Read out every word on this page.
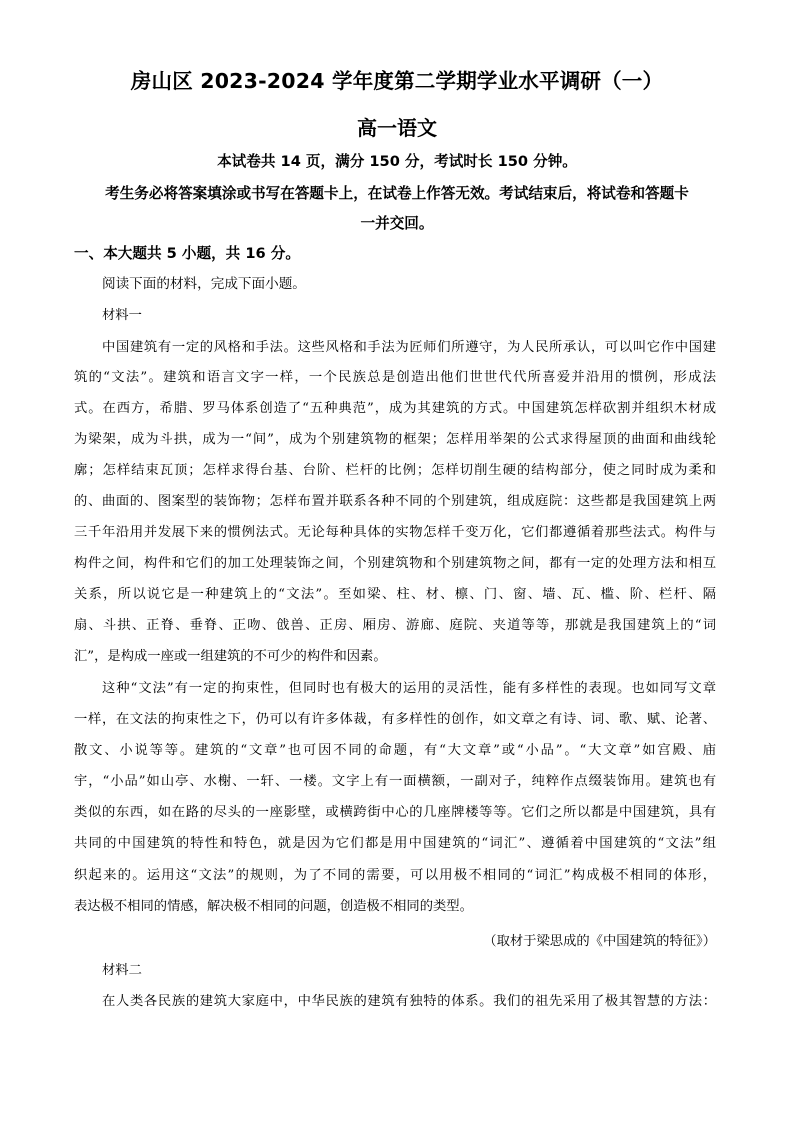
房山区 2023-2024 学年度第二学期学业水平调研（一）
高一语文
本试卷共 14 页，满分 150 分，考试时长 150 分钟。
考生务必将答案填涂或书写在答题卡上，在试卷上作答无效。考试结束后，将试卷和答题卡
一并交回。
一、本大题共 5 小题，共 16 分。
阅读下面的材料，完成下面小题。
材料一
中国建筑有一定的风格和手法。这些风格和手法为匠师们所遵守，为人民所承认，可以叫它作中国建
筑的“文法”。建筑和语言文字一样，一个民族总是创造出他们世世代代所喜爱并沿用的惯例，形成法
式。在西方，希腊、罗马体系创造了“五种典范”，成为其建筑的方式。中国建筑怎样砍割并组织木材成
为梁架，成为斗拱，成为一“间”，成为个别建筑物的框架；怎样用举架的公式求得屋顶的曲面和曲线轮
廓；怎样结束瓦顶；怎样求得台基、台阶、栏杆的比例；怎样切削生硬的结构部分，使之同时成为柔和
的、曲面的、图案型的装饰物；怎样布置并联系各种不同的个别建筑，组成庭院：这些都是我国建筑上两
三千年沿用并发展下来的惯例法式。无论每种具体的实物怎样千变万化，它们都遵循着那些法式。构件与
构件之间，构件和它们的加工处理装饰之间，个别建筑物和个别建筑物之间，都有一定的处理方法和相互
关系，所以说它是一种建筑上的“文法”。至如梁、柱、材、檩、门、窗、墙、瓦、槛、阶、栏杆、隔
扇、斗拱、正脊、垂脊、正吻、戗兽、正房、厢房、游廊、庭院、夹道等等，那就是我国建筑上的“词
汇”，是构成一座或一组建筑的不可少的构件和因素。
这种“文法”有一定的拘束性，但同时也有极大的运用的灵活性，能有多样性的表现。也如同写文章
一样，在文法的拘束性之下，仍可以有许多体裁，有多样性的创作，如文章之有诗、词、歌、赋、论著、
散文、小说等等。建筑的“文章”也可因不同的命题，有“大文章”或“小品”。“大文章”如宫殿、庙
宇，“小品”如山亭、水榭、一轩、一楼。文字上有一面横额，一副对子，纯粹作点缀装饰用。建筑也有
类似的东西，如在路的尽头的一座影壁，或横跨街中心的几座牌楼等等。它们之所以都是中国建筑，具有
共同的中国建筑的特性和特色，就是因为它们都是用中国建筑的“词汇”、遵循着中国建筑的“文法”组
织起来的。运用这“文法”的规则，为了不同的需要，可以用极不相同的“词汇”构成极不相同的体形，
表达极不相同的情感，解决极不相同的问题，创造极不相同的类型。
（取材于梁思成的《中国建筑的特征》）
材料二
在人类各民族的建筑大家庭中，中华民族的建筑有独特的体系。我们的祖先采用了极其智慧的方法：
